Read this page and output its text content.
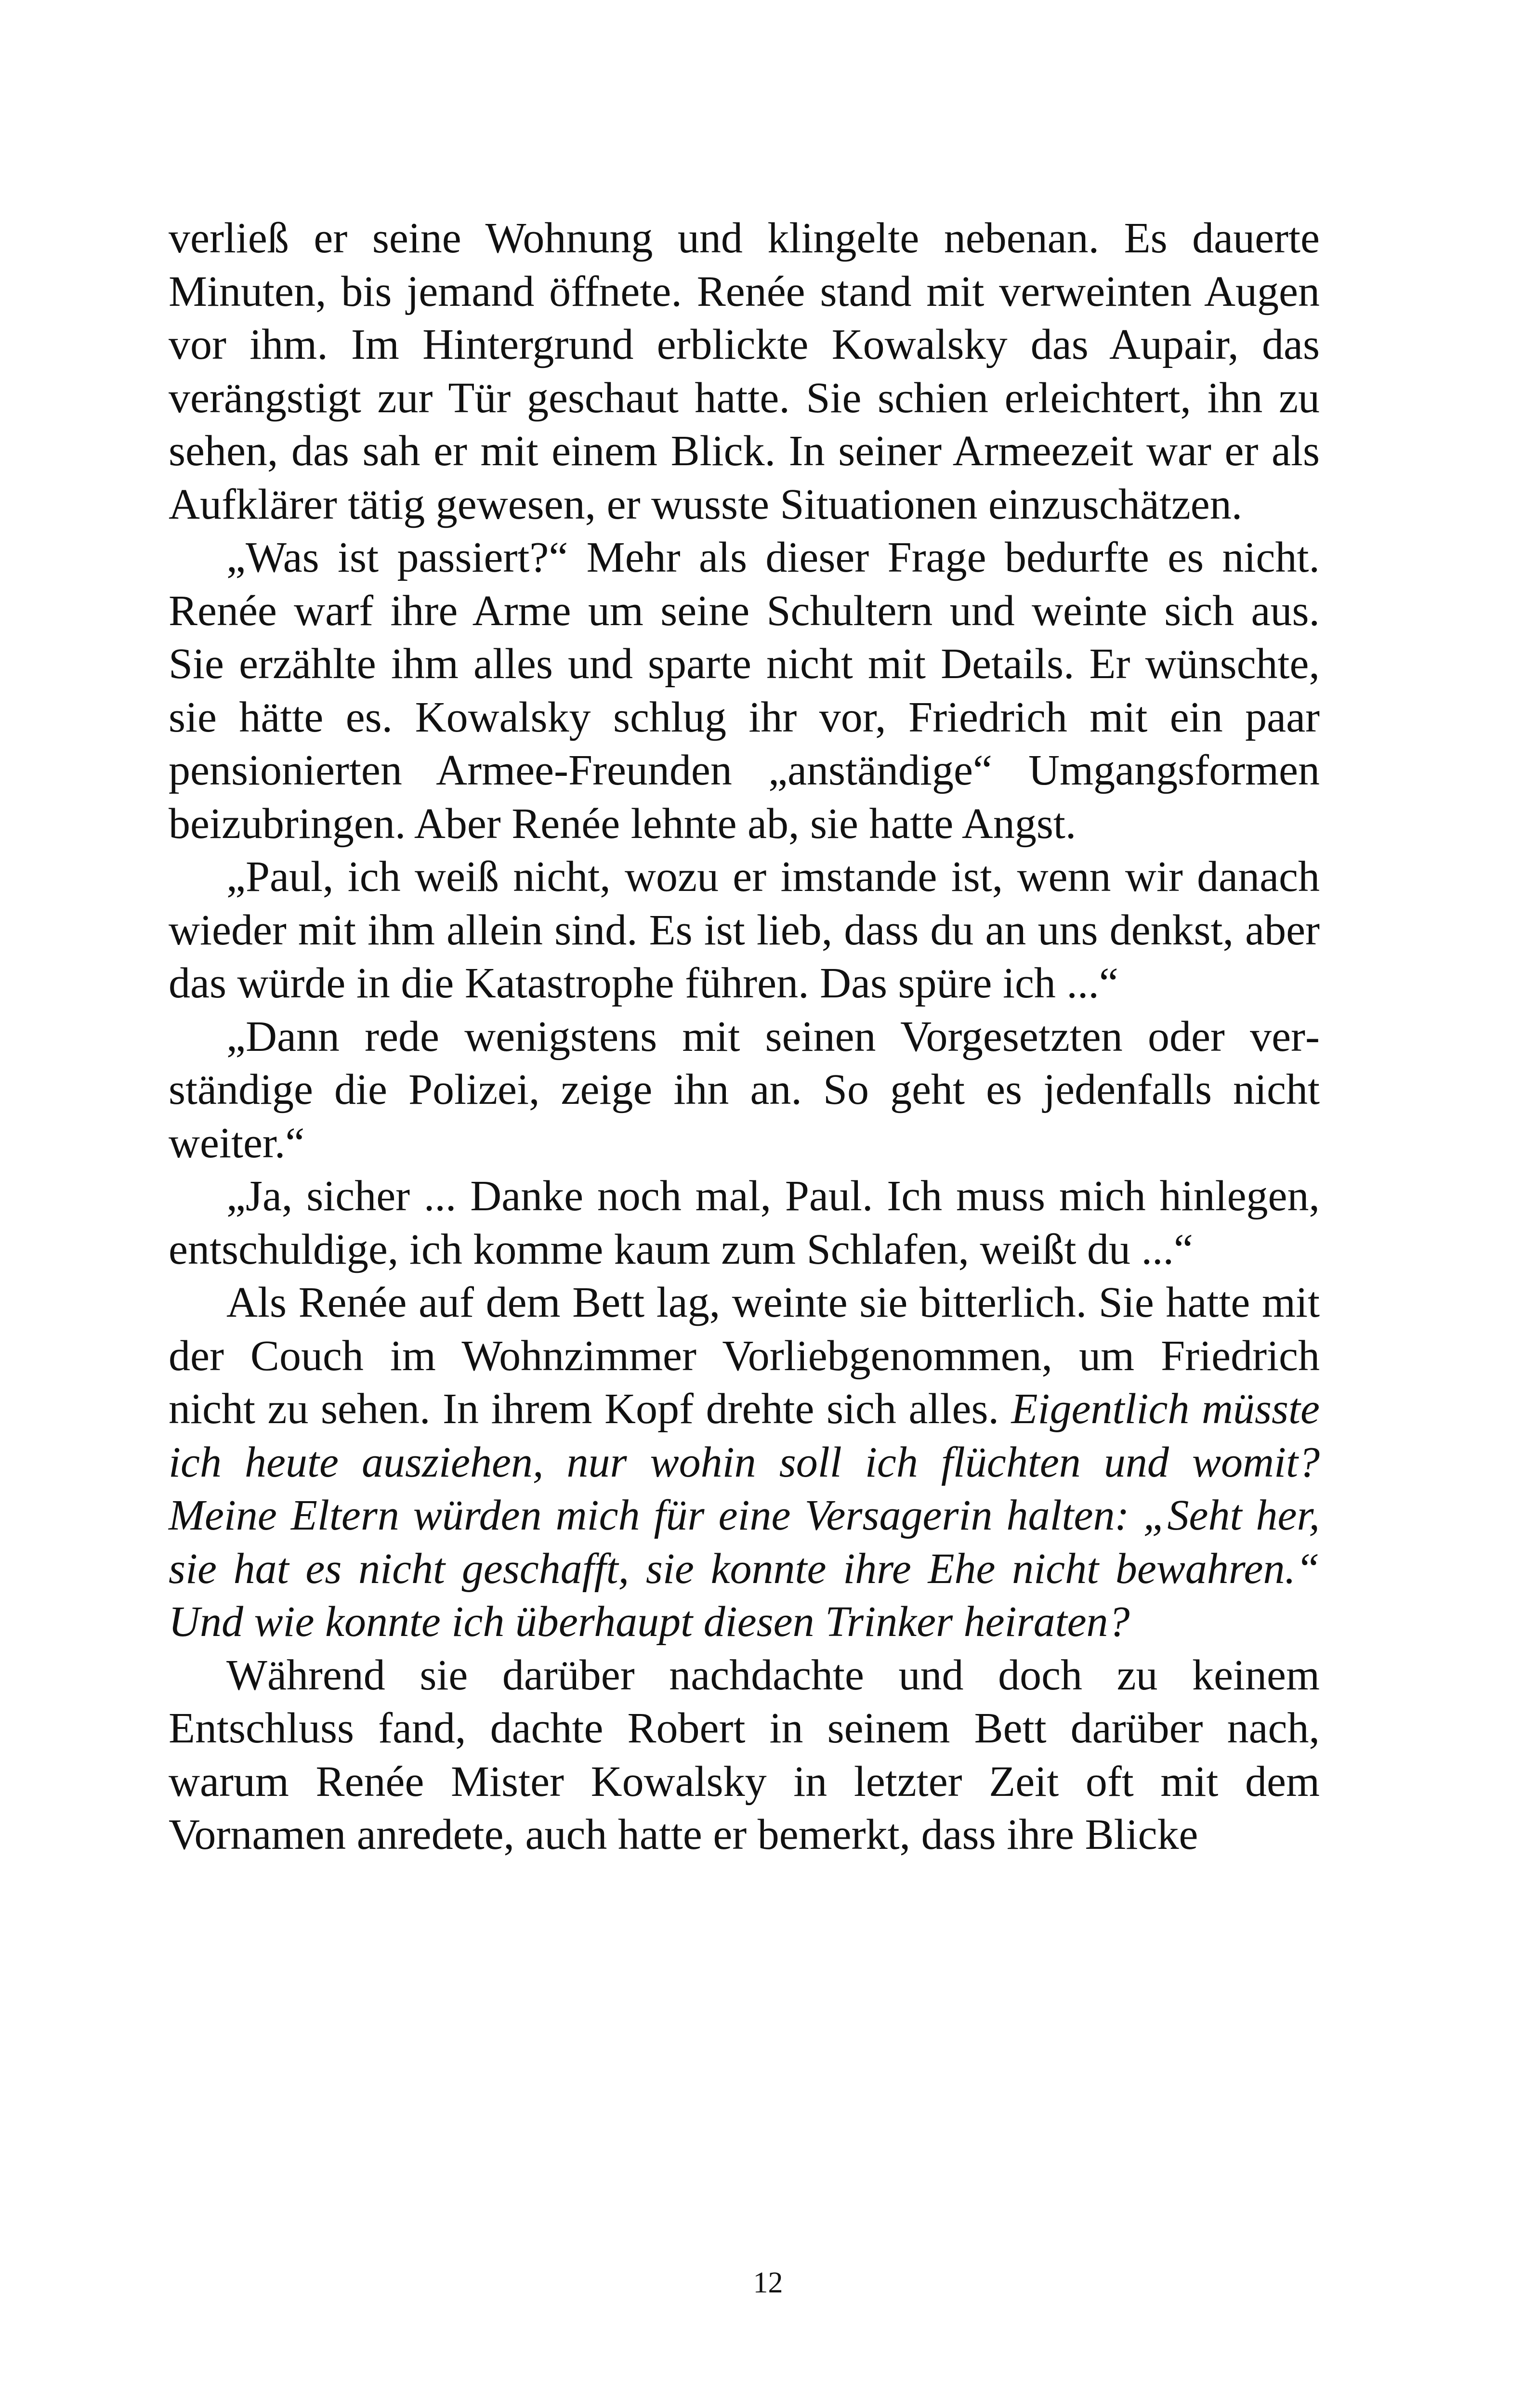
verließ er seine Wohnung und klingelte nebenan. Es dauerte Minuten, bis jemand öffnete. Renée stand mit verweinten Augen vor ihm. Im Hintergrund erblickte Kowalsky das Aupair, das verängstigt zur Tür geschaut hatte. Sie schien erleichtert, ihn zu sehen, das sah er mit einem Blick. In seiner Armeezeit war er als Aufklärer tätig gewesen, er wusste Situationen einzuschätzen.

„Was ist passiert?“ Mehr als dieser Frage bedurfte es nicht. Renée warf ihre Arme um seine Schultern und weinte sich aus. Sie erzählte ihm alles und sparte nicht mit Details. Er wünschte, sie hätte es. Kowalsky schlug ihr vor, Friedrich mit ein paar pensionierten Armee-Freunden „anständige“ Umgangsformen beizubringen. Aber Renée lehnte ab, sie hatte Angst.

„Paul, ich weiß nicht, wozu er imstande ist, wenn wir danach wieder mit ihm allein sind. Es ist lieb, dass du an uns denkst, aber das würde in die Katastrophe führen. Das spüre ich ...“

„Dann rede wenigstens mit seinen Vorgesetzten oder verständige die Polizei, zeige ihn an. So geht es jedenfalls nicht weiter.“

„Ja, sicher ... Danke noch mal, Paul. Ich muss mich hinlegen, entschuldige, ich komme kaum zum Schlafen, weißt du ...“

Als Renée auf dem Bett lag, weinte sie bitterlich. Sie hatte mit der Couch im Wohnzimmer Vorliebgenommen, um Friedrich nicht zu sehen. In ihrem Kopf drehte sich alles. Eigentlich müsste ich heute ausziehen, nur wohin soll ich flüchten und womit? Meine Eltern würden mich für eine Versagerin halten: „Seht her, sie hat es nicht geschafft, sie konnte ihre Ehe nicht bewahren.“ Und wie konnte ich überhaupt diesen Trinker heiraten?

Während sie darüber nachdachte und doch zu keinem Entschluss fand, dachte Robert in seinem Bett darüber nach, warum Renée Mister Kowalsky in letzter Zeit oft mit dem Vornamen anredete, auch hatte er bemerkt, dass ihre Blicke

12
